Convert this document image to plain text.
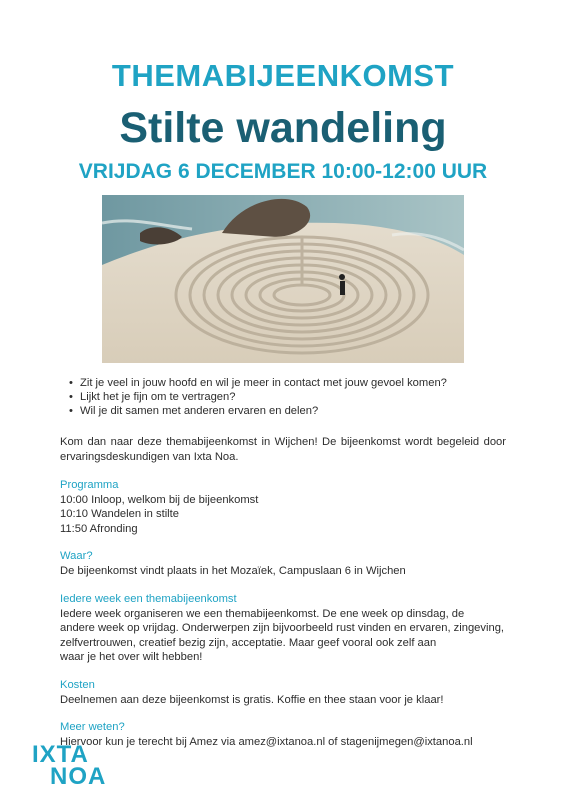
THEMABIJEENKOMST
Stilte wandeling
VRIJDAG 6 DECEMBER 10:00-12:00 UUR
• Zit je veel in jouw hoofd en wil je meer in contact met jouw gevoel komen?
• Lijkt het je fijn om te vertragen?
• Wil je dit samen met anderen ervaren en delen?
Kom dan naar deze themabijeenkomst in Wijchen! De bijeenkomst wordt begeleid door ervaringsdeskundigen van Ixta Noa.
Programma
10:00 Inloop, welkom bij de bijeenkomst
10:10 Wandelen in stilte
11:50 Afronding
Waar?
De bijeenkomst vindt plaats in het Mozaïek, Campuslaan 6 in Wijchen
Iedere week een themabijeenkomst
Iedere week organiseren we een themabijeenkomst. De ene week op dinsdag, de
andere week op vrijdag. Onderwerpen zijn bijvoorbeeld rust vinden en ervaren, zingeving,
zelfvertrouwen, creatief bezig zijn, acceptatie. Maar geef vooral ook zelf aan
waar je het over wilt hebben!
Kosten
Deelnemen aan deze bijeenkomst is gratis. Koffie en thee staan voor je klaar!
Meer weten?
Hiervoor kun je terecht bij Amez via amez@ixtanoa.nl of stagenijmegen@ixtanoa.nl
IXTA
NOA
